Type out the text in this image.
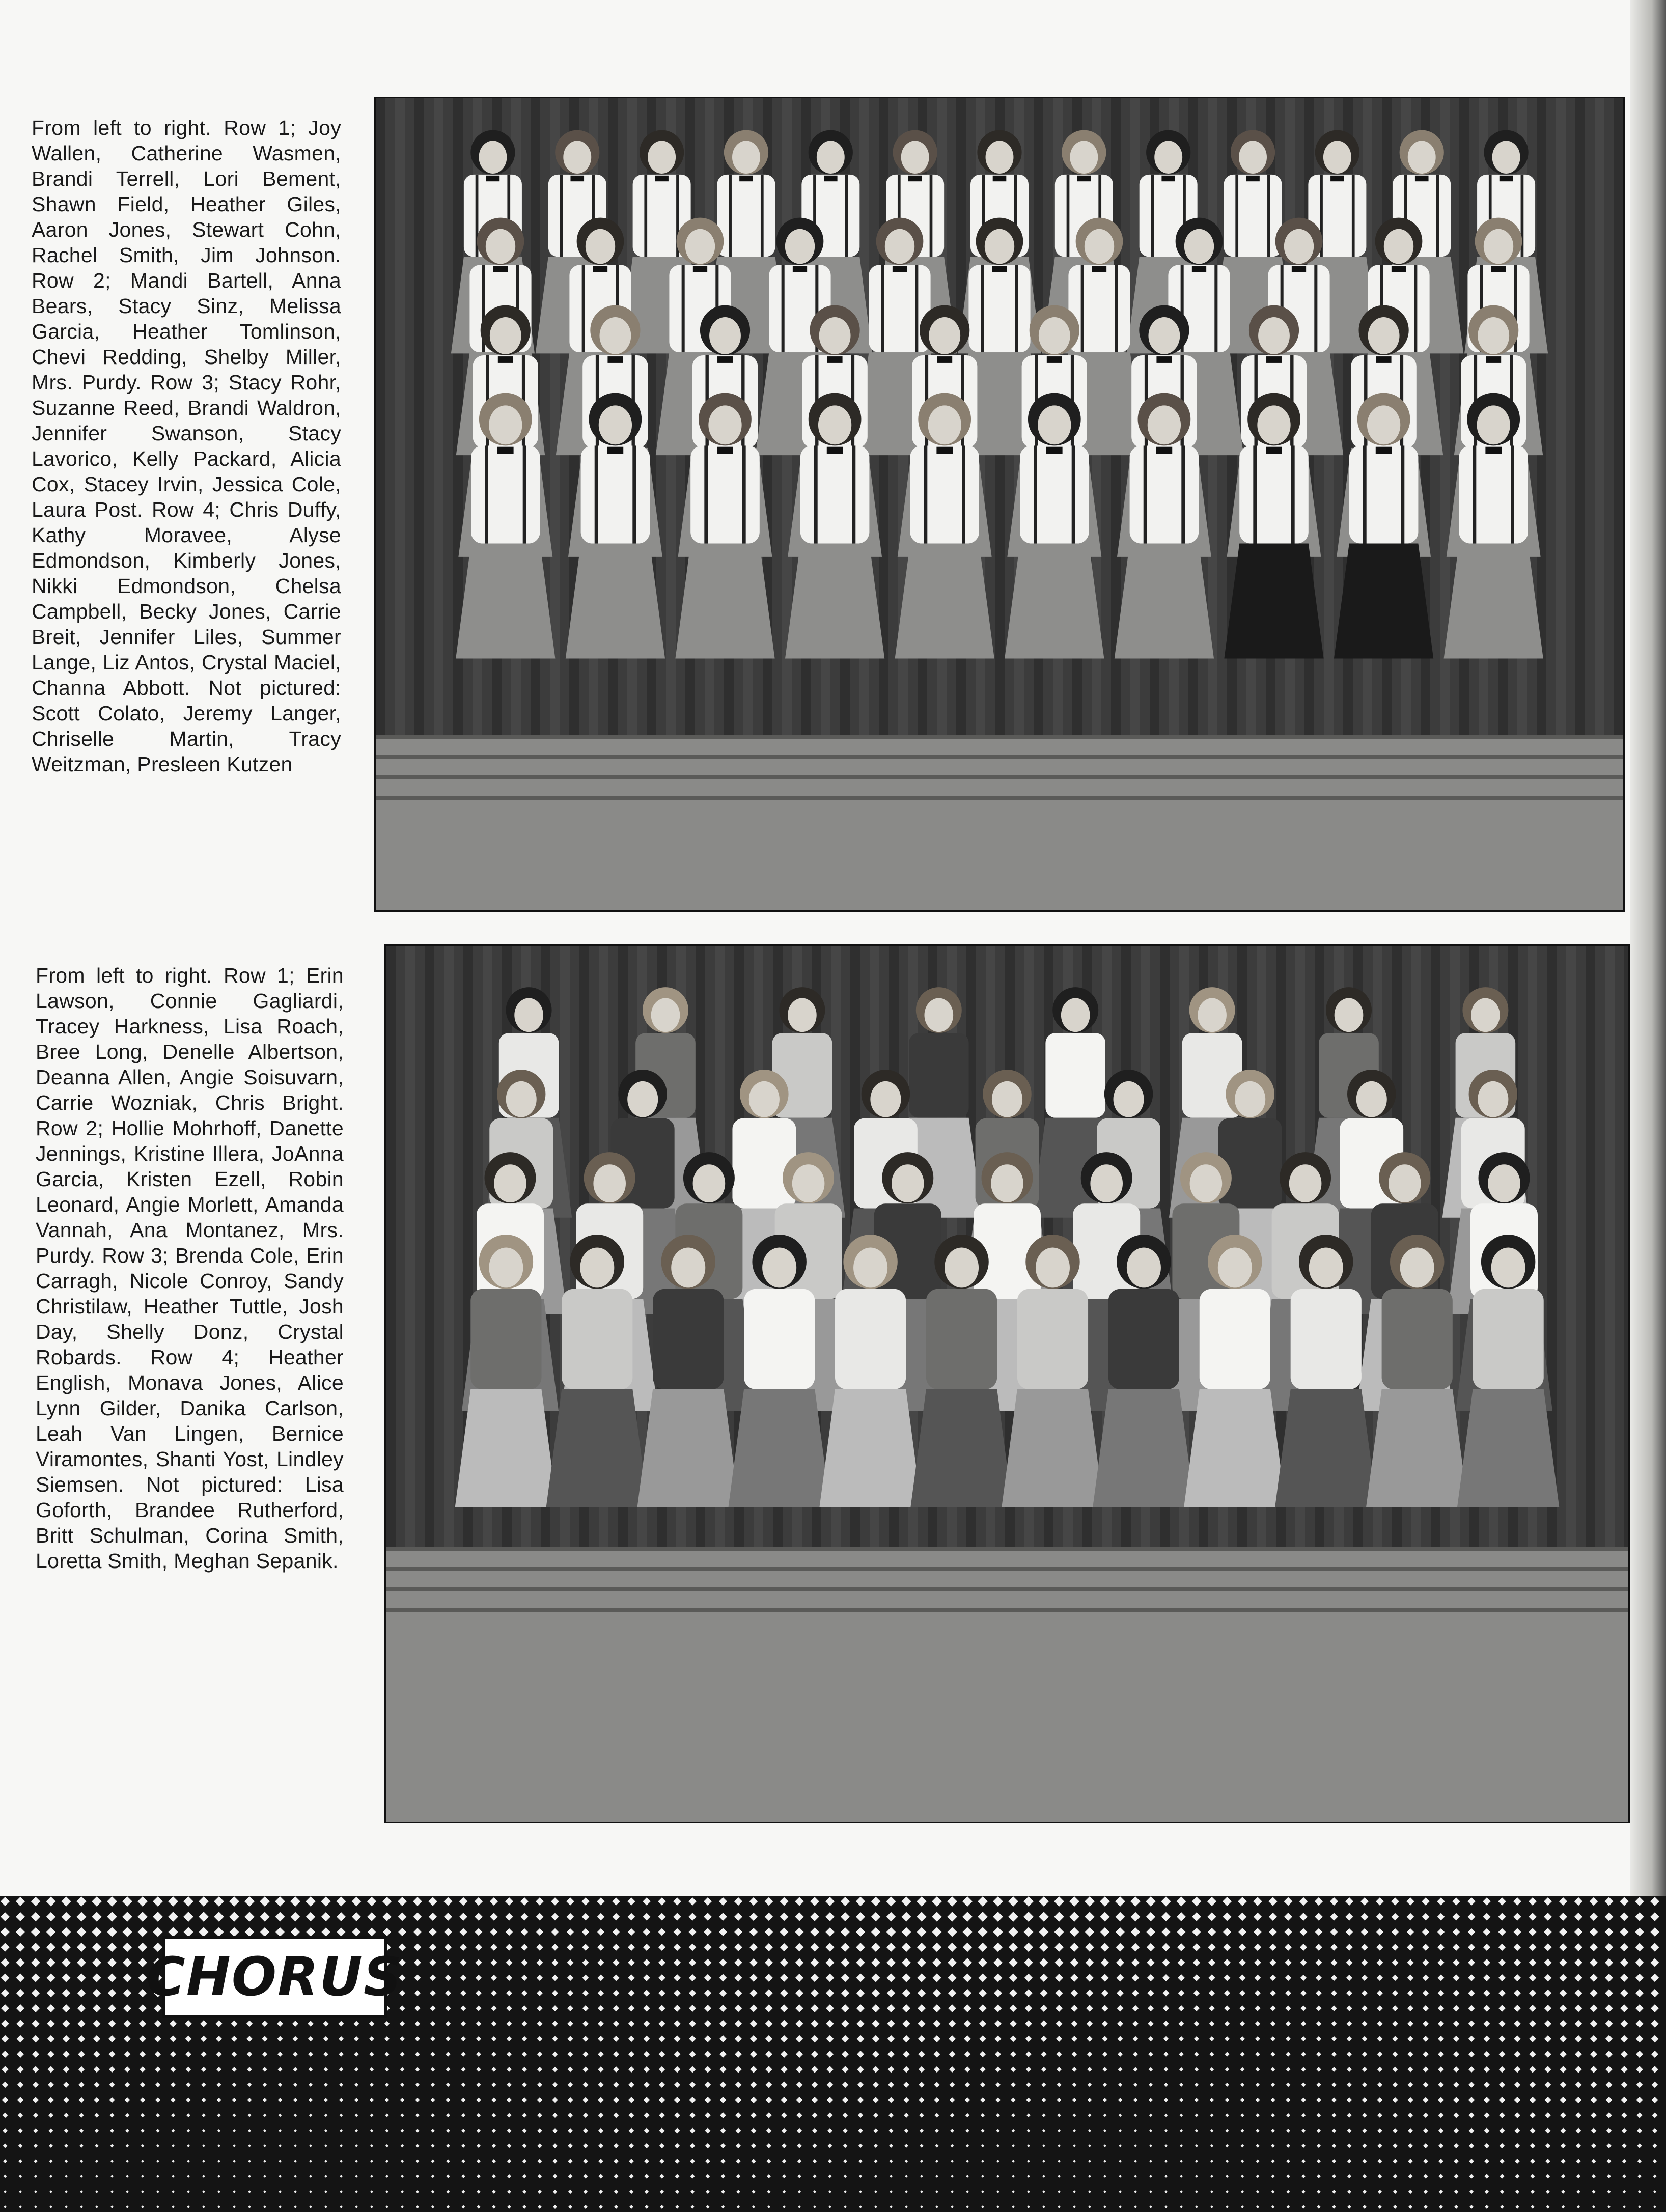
From left to right. Row 1; Joy Wallen, Catherine Wasmen, Brandi Terrell, Lori Bement, Shawn Field, Heather Giles, Aaron Jones, Stewart Cohn, Rachel Smith, Jim Johnson. Row 2; Mandi Bartell, Anna Bears, Stacy Sinz, Melissa Garcia, Heather Tomlinson, Chevi Redding, Shelby Miller, Mrs. Purdy. Row 3; Stacy Rohr, Suzanne Reed, Brandi Waldron, Jennifer Swanson, Stacy Lavorico, Kelly Packard, Alicia Cox, Stacey Irvin, Jessica Cole, Laura Post. Row 4; Chris Duffy, Kathy Moravee, Alyse Edmondson, Kimberly Jones, Nikki Edmondson, Chelsa Campbell, Becky Jones, Carrie Breit, Jennifer Liles, Summer Lange, Liz Antos, Crystal Maciel, Channa Abbott. Not pictured: Scott Colato, Jeremy Langer, Chriselle Martin, Tracy Weitzman, Presleen Kutzen

From left to right. Row 1; Erin Lawson, Connie Gagliardi, Tracey Harkness, Lisa Roach, Bree Long, Denelle Albertson, Deanna Allen, Angie Soisuvarn, Carrie Wozniak, Chris Bright. Row 2; Hollie Mohrhoff, Danette Jennings, Kristine Illera, JoAnna Garcia, Kristen Ezell, Robin Leonard, Angie Morlett, Amanda Vannah, Ana Montanez, Mrs. Purdy. Row 3; Brenda Cole, Erin Carragh, Nicole Conroy, Sandy Christilaw, Heather Tuttle, Josh Day, Shelly Donz, Crystal Robards. Row 4; Heather English, Monava Jones, Alice Lynn Gilder, Danika Carlson, Leah Van Lingen, Bernice Viramontes, Shanti Yost, Lindley Siemsen. Not pictured: Lisa Goforth, Brandee Rutherford, Britt Schulman, Corina Smith, Loretta Smith, Meghan Sepanik.

CHORUS
